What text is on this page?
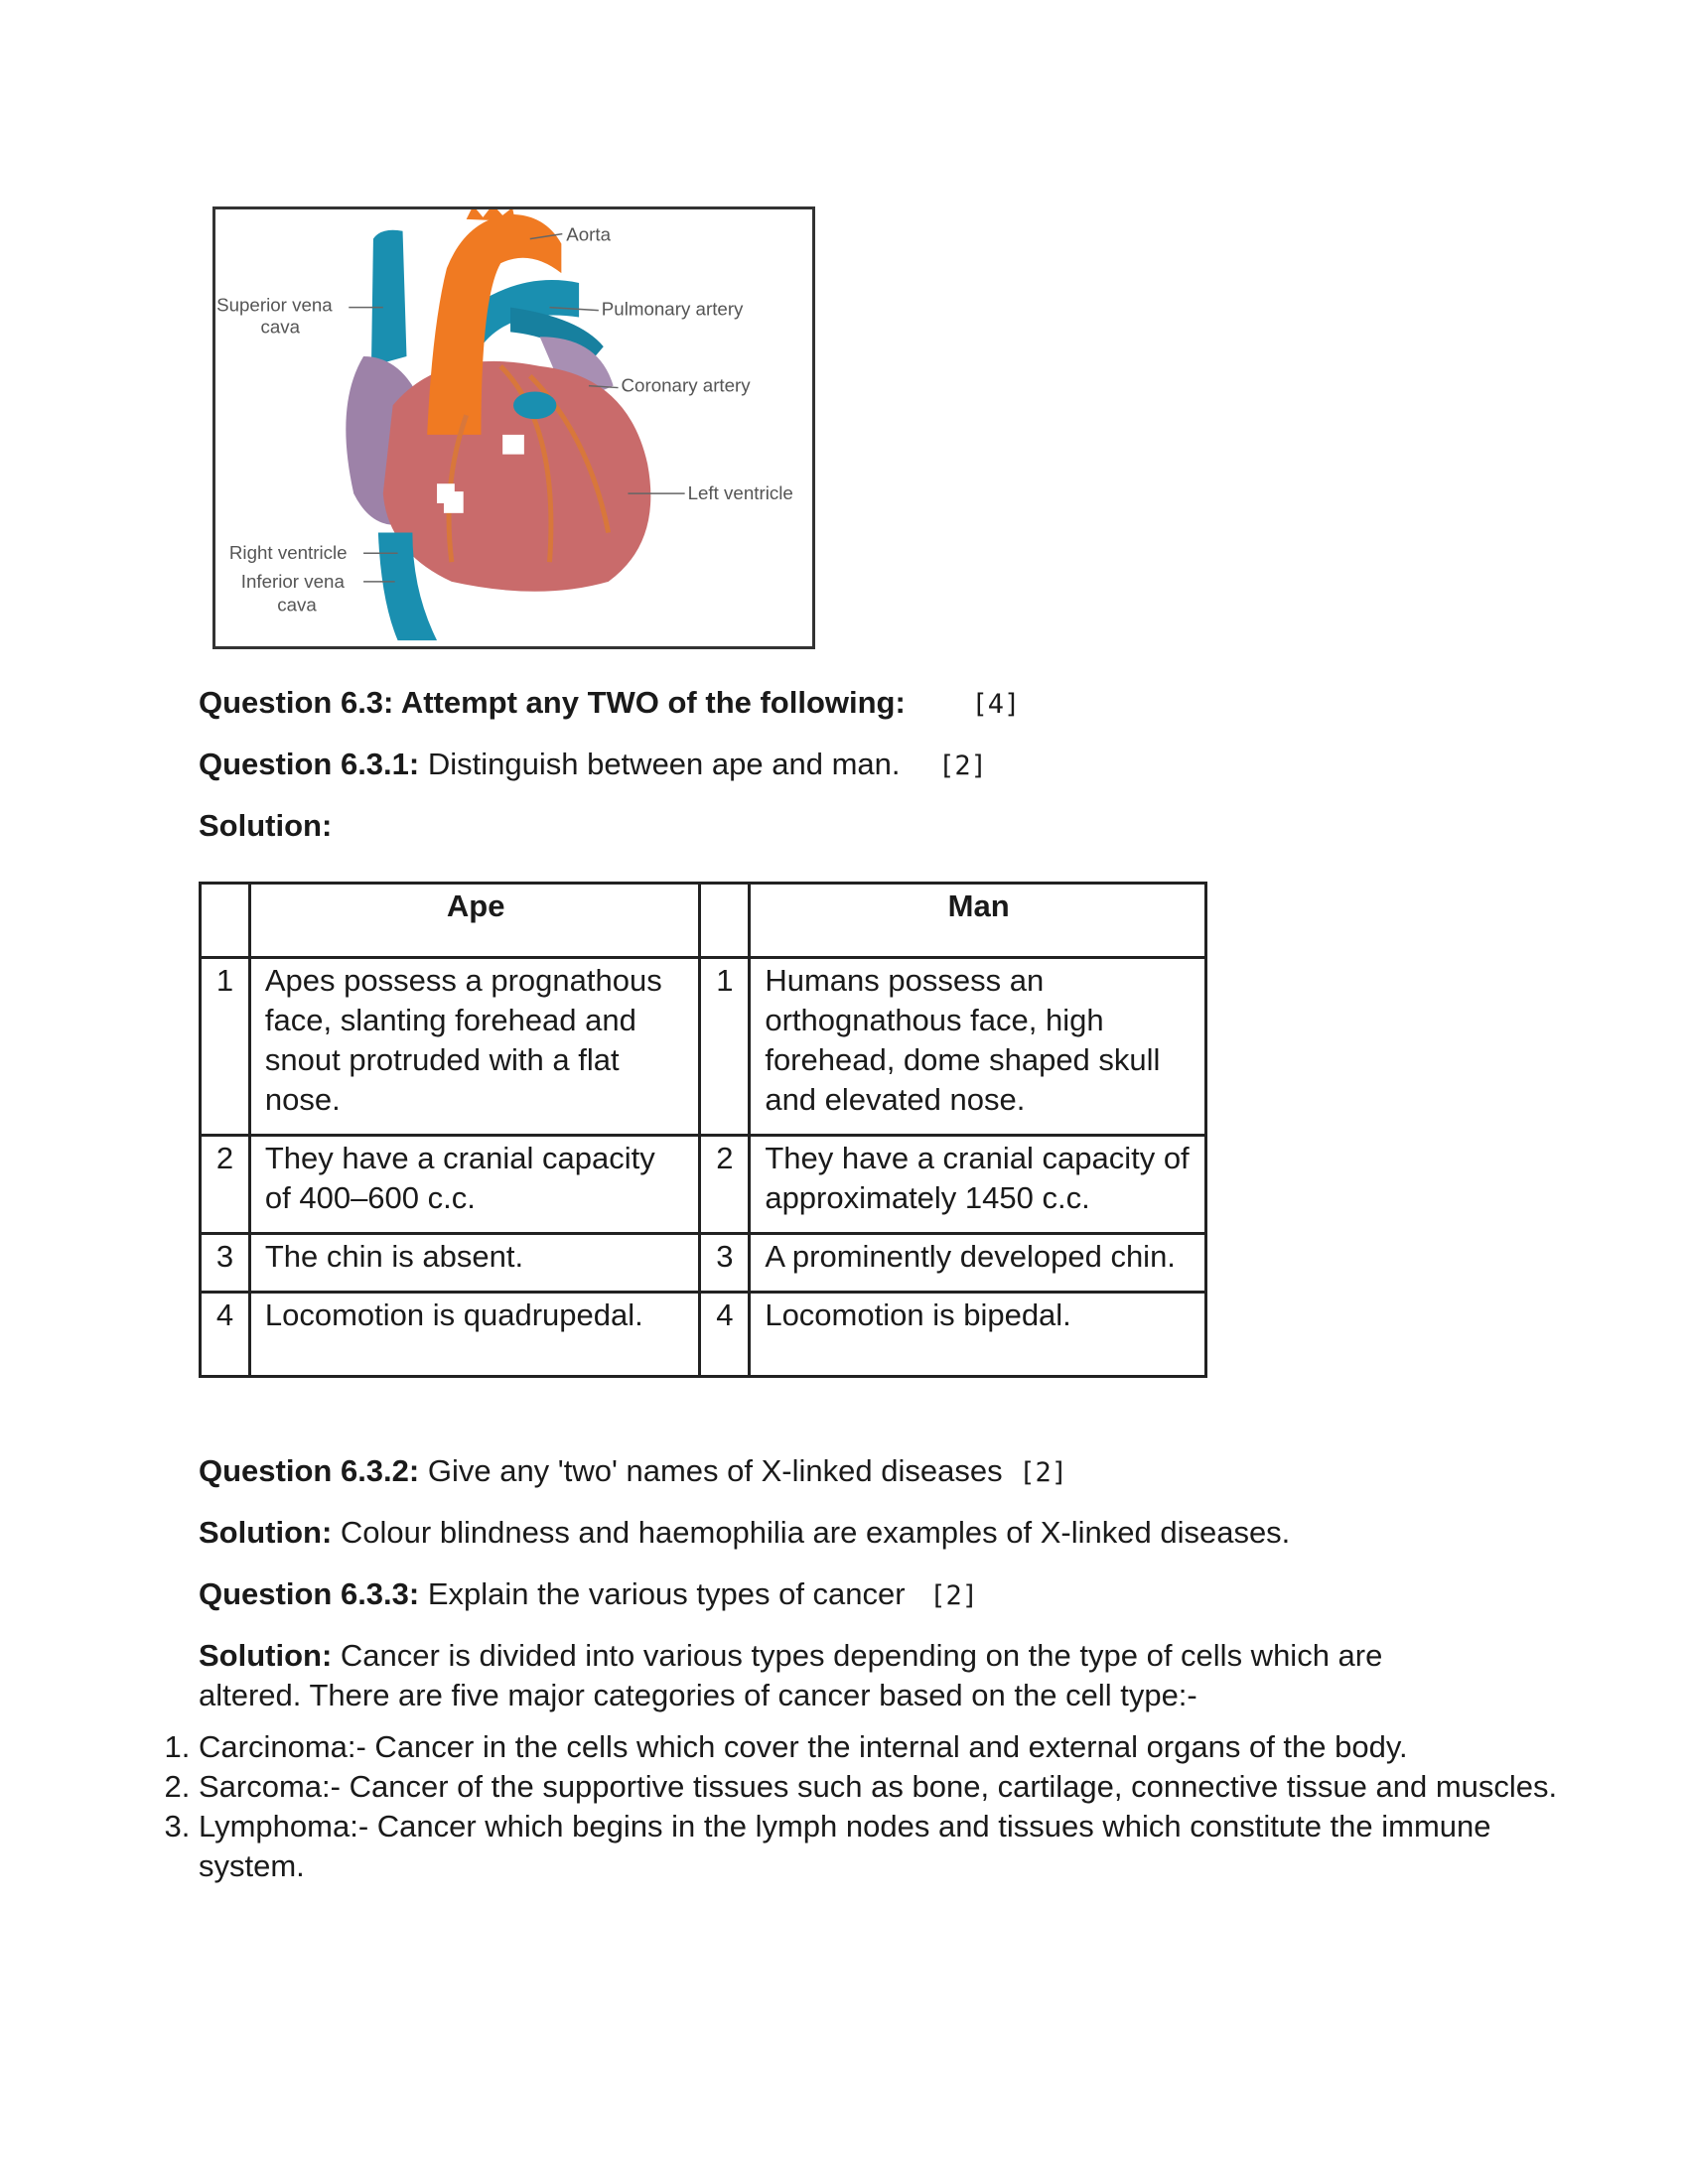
Aorta
Superior vena
cava
Pulmonary artery
Coronary artery
Left ventricle
Right ventricle
Inferior vena
cava
Question 6.3: Attempt any TWO of the following: [4]
Question 6.3.1: Distinguish between ape and man. [2]
Solution:
	Ape		Man
1	Apes possess a prognathous face, slanting forehead and snout protruded with a flat nose.	1	Humans possess an orthognathous face, high forehead, dome shaped skull and elevated nose.
2	They have a cranial capacity of 400–600 c.c.	2	They have a cranial capacity of approximately 1450 c.c.
3	The chin is absent.	3	A prominently developed chin.
4	Locomotion is quadrupedal.	4	Locomotion is bipedal.
Question 6.3.2: Give any 'two' names of X-linked diseases [2]
Solution: Colour blindness and haemophilia are examples of X-linked diseases.
Question 6.3.3: Explain the various types of cancer [2]
Solution: Cancer is divided into various types depending on the type of cells which are altered. There are five major categories of cancer based on the cell type:-
1. Carcinoma:- Cancer in the cells which cover the internal and external organs of the body.
2. Sarcoma:- Cancer of the supportive tissues such as bone, cartilage, connective tissue and muscles.
3. Lymphoma:- Cancer which begins in the lymph nodes and tissues which constitute the immune system.
